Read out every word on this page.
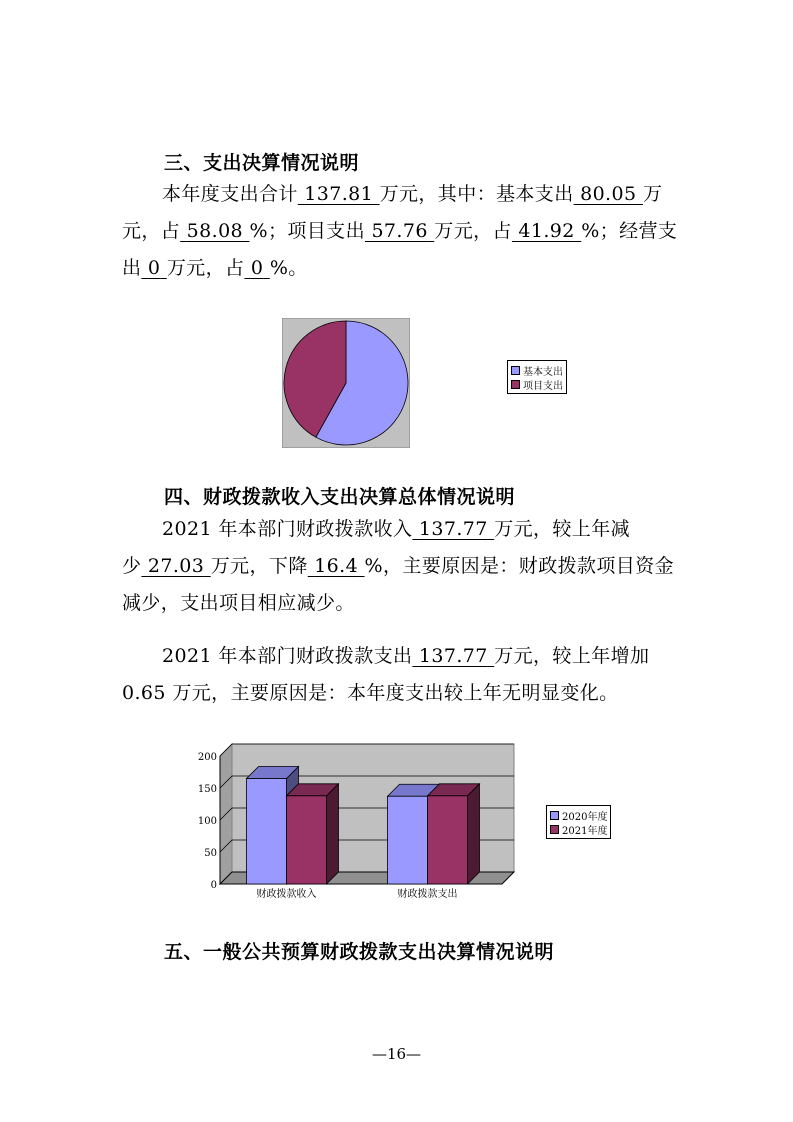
三、支出决算情况说明

本年度支出合计 137.81 万元，其中：基本支出 80.05 万元，占 58.08 %；项目支出 57.76 万元，占 41.92 %；经营支出 0 万元，占 0 %。

基本支出
项目支出
四、财政拨款收入支出决算总体情况说明

2021 年本部门财政拨款收入 137.77 万元，较上年减少 27.03 万元，下降 16.4 %，主要原因是：财政拨款项目资金减少，支出项目相应减少。

2021 年本部门财政拨款支出 137.77 万元，较上年增加 0.65 万元，主要原因是：本年度支出较上年无明显变化。

0
50
100
150
200
财政拨款收入	财政拨款支出
2020年度
2021年度
五、一般公共预算财政拨款支出决算情况说明
—16—
